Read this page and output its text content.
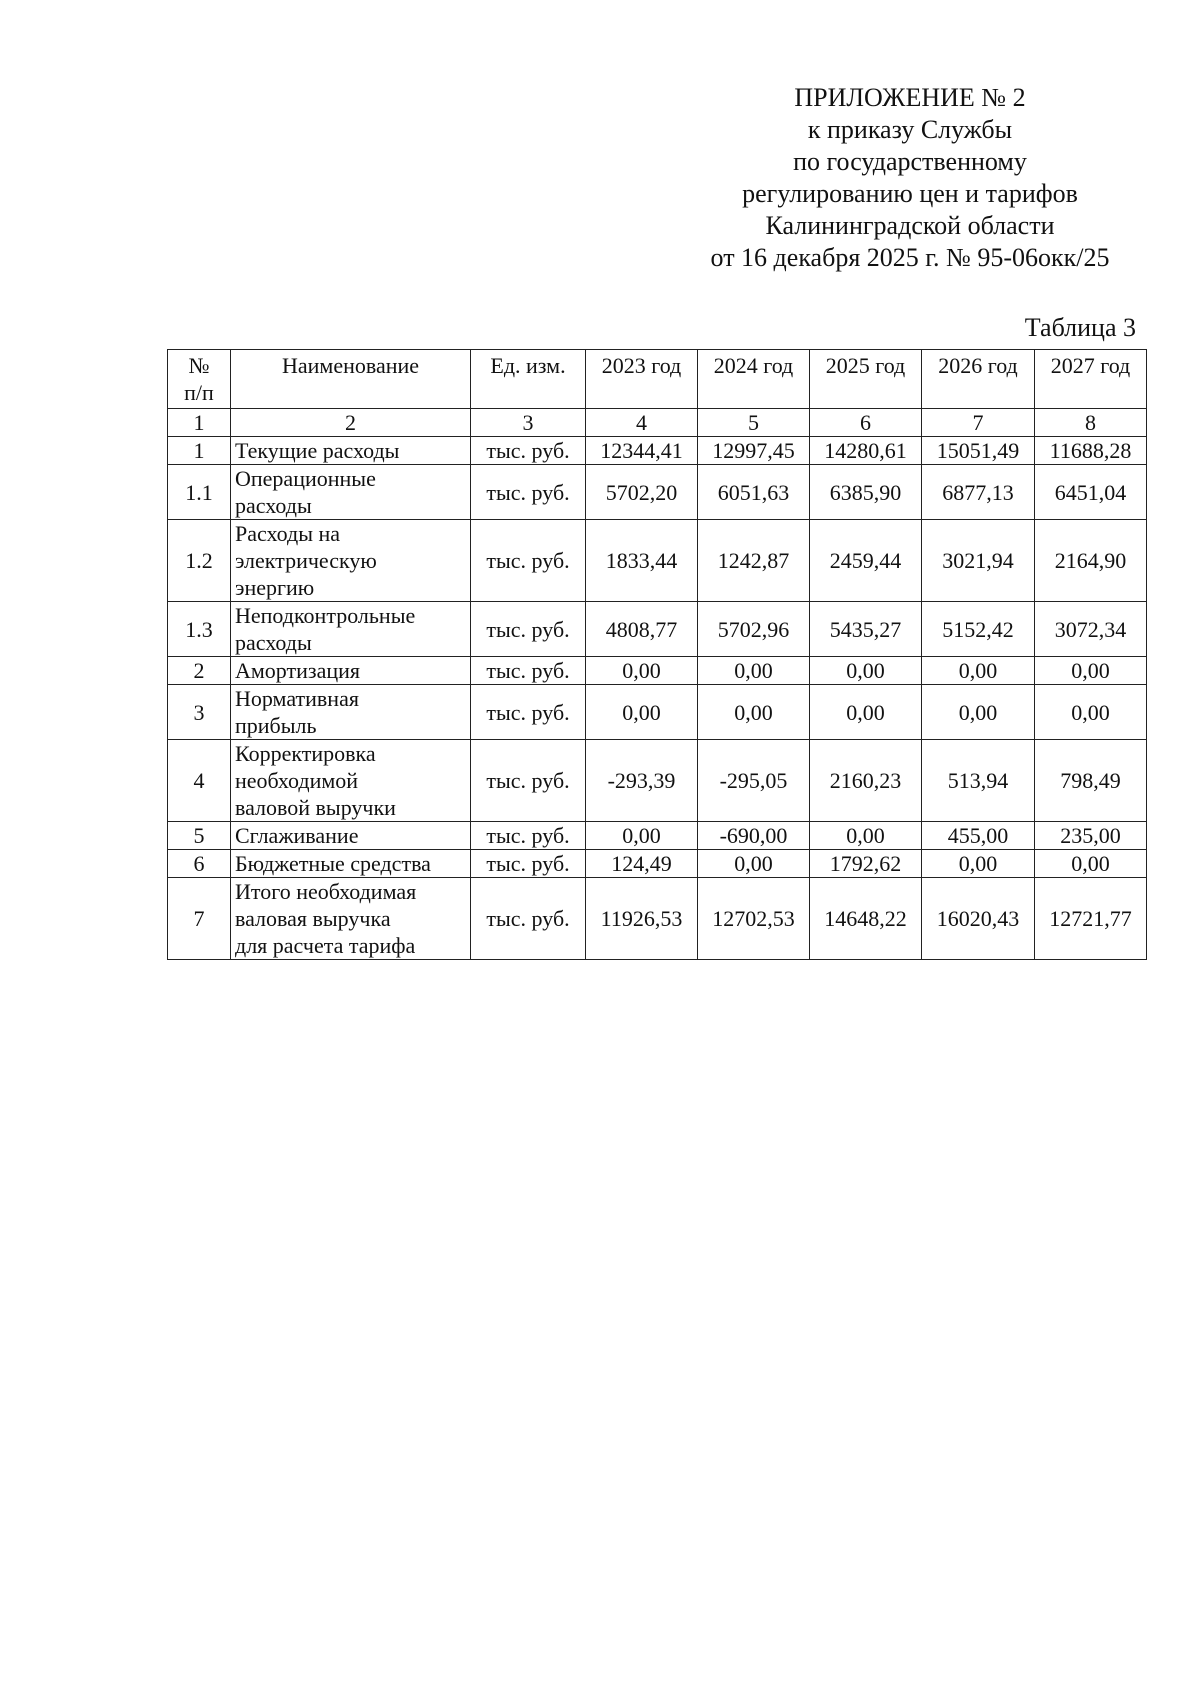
ПРИЛОЖЕНИЕ № 2
к приказу Службы
по государственному
регулированию цен и тарифов
Калининградской области
от 16 декабря 2025 г. № 95-06окк/25
Таблица 3
№
п/п	Наименование	Ед. изм.	2023 год	2024 год	2025 год	2026 год	2027 год
1	2	3	4	5	6	7	8
1	Текущие расходы	тыс. руб.	12344,41	12997,45	14280,61	15051,49	11688,28
1.1	Операционные
расходы	тыс. руб.	5702,20	6051,63	6385,90	6877,13	6451,04
1.2	Расходы на
электрическую
энергию	тыс. руб.	1833,44	1242,87	2459,44	3021,94	2164,90
1.3	Неподконтрольные
расходы	тыс. руб.	4808,77	5702,96	5435,27	5152,42	3072,34
2	Амортизация	тыс. руб.	0,00	0,00	0,00	0,00	0,00
3	Нормативная
прибыль	тыс. руб.	0,00	0,00	0,00	0,00	0,00
4	Корректировка
необходимой
валовой выручки	тыс. руб.	-293,39	-295,05	2160,23	513,94	798,49
5	Сглаживание	тыс. руб.	0,00	-690,00	0,00	455,00	235,00
6	Бюджетные средства	тыс. руб.	124,49	0,00	1792,62	0,00	0,00
7	Итого необходимая
валовая выручка
для расчета тарифа	тыс. руб.	11926,53	12702,53	14648,22	16020,43	12721,77
